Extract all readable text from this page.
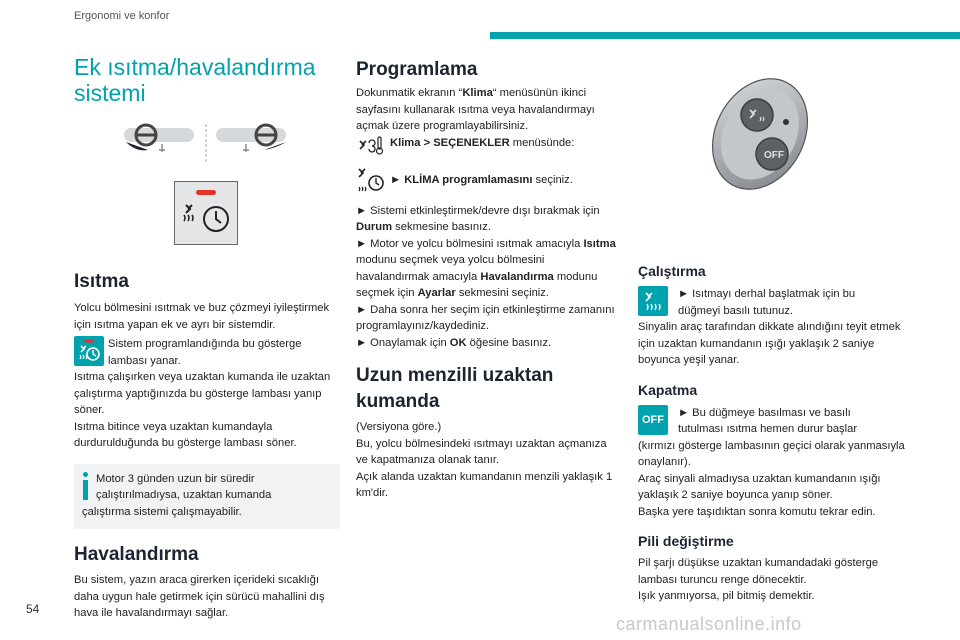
Ergonomi ve konfor
Ek ısıtma/havalandırma
sistemi
Isıtma

Yolcu bölmesini ısıtmak ve buz çözmeyi iyileştirmek için ısıtma yapan ek ve ayrı bir sistemdir.

Sistem programlandığında bu gösterge
lambası yanar.

Isıtma çalışırken veya uzaktan kumanda ile uzaktan çalıştırma yaptığınızda bu gösterge lambası yanıp söner.

Isıtma bitince veya uzaktan kumandayla durdurulduğunda bu gösterge lambası söner.

Motor 3 günden uzun bir süredir
çalıştırılmadıysa, uzaktan kumanda
çalıştırma sistemi çalışmayabilir.
Havalandırma

Bu sistem, yazın araca girerken içerideki sıcaklığı daha uygun hale getirmek için sürücü mahallini dış hava ile havalandırmayı sağlar.

Programlama

Dokunmatik ekranın “Klima“ menüsünün ikinci sayfasını kullanarak ısıtma veya havalandırmayı açmak üzere programlayabilirsiniz.

Klima > SEÇENEKLER menüsünde:
► KLİMA programlamasını seçiniz.

► Sistemi etkinleştirmek/devre dışı bırakmak için Durum sekmesine basınız.

► Motor ve yolcu bölmesini ısıtmak amacıyla Isıtma modunu seçmek veya yolcu bölmesini havalandırmak amacıyla Havalandırma modunu seçmek için Ayarlar sekmesini seçiniz.

► Daha sonra her seçim için etkinleştirme zamanını programlayınız/kaydediniz.

► Onaylamak için OK öğesine basınız.

Uzun menzilli uzaktan
kumanda

(Versiyona göre.)

Bu, yolcu bölmesindeki ısıtmayı uzaktan açmanıza ve kapatmanıza olanak tanır.

Açık alanda uzaktan kumandanın menzili yaklaşık 1 km'dir.

OFF
Çalıştırma
► Isıtmayı derhal başlatmak için bu
düğmeyi basılı tutunuz.

Sinyalin araç tarafından dikkate alındığını teyit etmek için uzaktan kumandanın ışığı yaklaşık 2 saniye boyunca yeşil yanar.

Kapatma
OFF
► Bu düğmeye basılması ve basılı
tutulması ısıtma hemen durur başlar

(kırmızı gösterge lambasının geçici olarak yanmasıyla onaylanır).

Araç sinyali almadıysa uzaktan kumandanın ışığı yaklaşık 2 saniye boyunca yanıp söner.

Başka yere taşıdıktan sonra komutu tekrar edin.

Pili değiştirme

Pil şarjı düşükse uzaktan kumandadaki gösterge lambası turuncu renge dönecektir.

Işık yanmıyorsa, pil bitmiş demektir.

54
carmanualsonline.info
